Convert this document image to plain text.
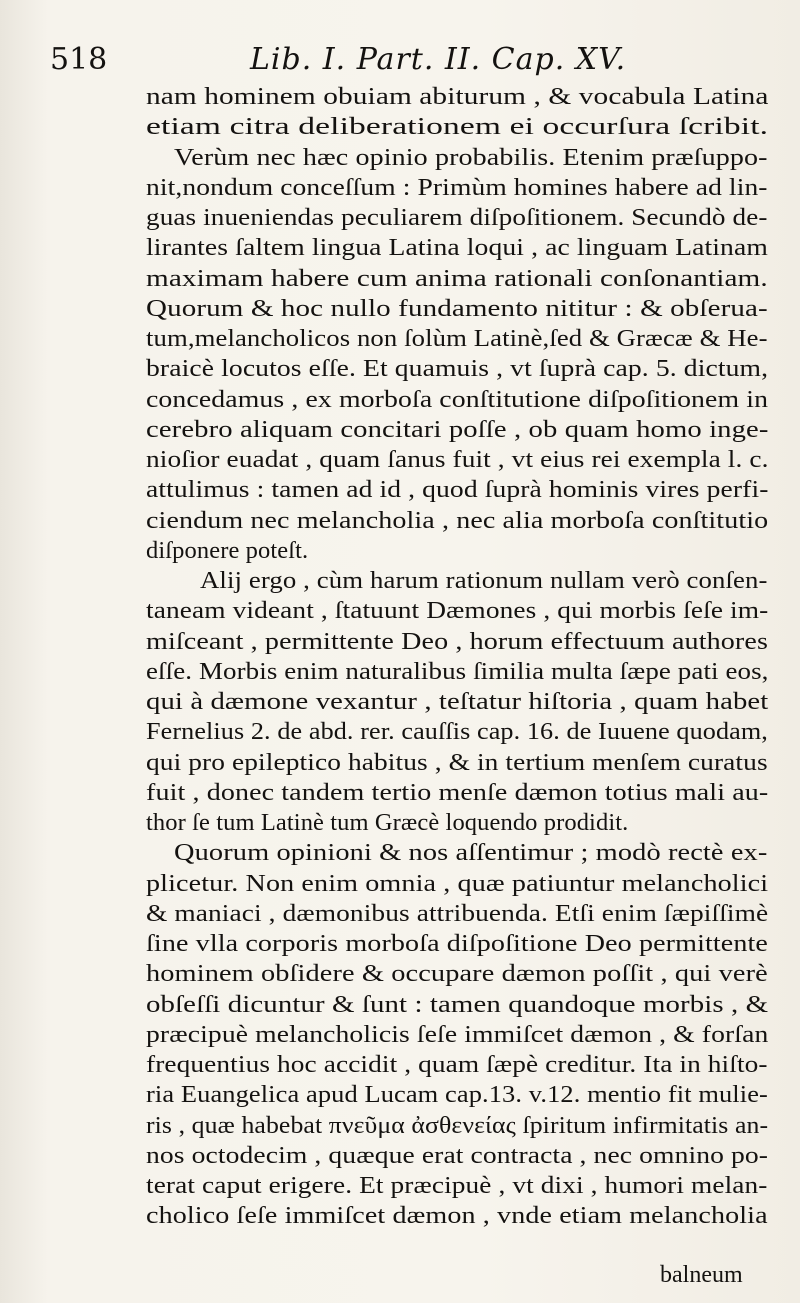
518	Lib. I. Part. II. Cap. XV.
nam hominem obuiam abiturum , & vocabula Latina
etiam citra deliberationem ei occurſura ſcribit.
Verùm nec hæc opinio probabilis. Etenim præſuppo-
nit,nondum conceſſum : Primùm homines habere ad lin-
guas inueniendas peculiarem diſpoſitionem. Secundò de-
lirantes ſaltem lingua Latina loqui , ac linguam Latinam
maximam habere cum anima rationali conſonantiam.
Quorum & hoc nullo fundamento nititur : & obſerua-
tum,melancholicos non ſolùm Latinè,ſed & Græcæ & He-
braicè locutos eſſe. Et quamuis , vt ſuprà cap. 5. dictum,
concedamus , ex morboſa conſtitutione diſpoſitionem in
cerebro aliquam concitari poſſe , ob quam homo inge-
nioſior euadat , quam ſanus fuit , vt eius rei exempla l. c.
attulimus : tamen ad id , quod ſuprà hominis vires perfi-
ciendum nec melancholia , nec alia morboſa conſtitutio
diſponere poteſt.
Alij ergo , cùm harum rationum nullam verò conſen-
taneam videant , ſtatuunt Dæmones , qui morbis ſeſe im-
miſceant , permittente Deo , horum effectuum authores
eſſe. Morbis enim naturalibus ſimilia multa ſæpe pati eos,
qui à dæmone vexantur , teſtatur hiſtoria , quam habet
Fernelius 2. de abd. rer. cauſſis cap. 16. de Iuuene quodam,
qui pro epileptico habitus , & in tertium menſem curatus
fuit , donec tandem tertio menſe dæmon totius mali au-
thor ſe tum Latinè tum Græcè loquendo prodidit.
Quorum opinioni & nos aſſentimur ; modò rectè ex-
plicetur. Non enim omnia , quæ patiuntur melancholici
& maniaci , dæmonibus attribuenda. Etſi enim ſæpiſſimè
ſine vlla corporis morboſa diſpoſitione Deo permittente
hominem obſidere & occupare dæmon poſſit , qui verè
obſeſſi dicuntur & ſunt : tamen quandoque morbis , &
præcipuè melancholicis ſeſe immiſcet dæmon , & forſan
frequentius hoc accidit , quam ſæpè creditur. Ita in hiſto-
ria Euangelica apud Lucam cap.13. v.12. mentio fit mulie-
ris , quæ habebat πνεῦμα ἀσθενείας ſpiritum infirmitatis an-
nos octodecim , quæque erat contracta , nec omnino po-
terat caput erigere. Et præcipuè , vt dixi , humori melan-
cholico ſeſe immiſcet dæmon , vnde etiam melancholia
balneum
